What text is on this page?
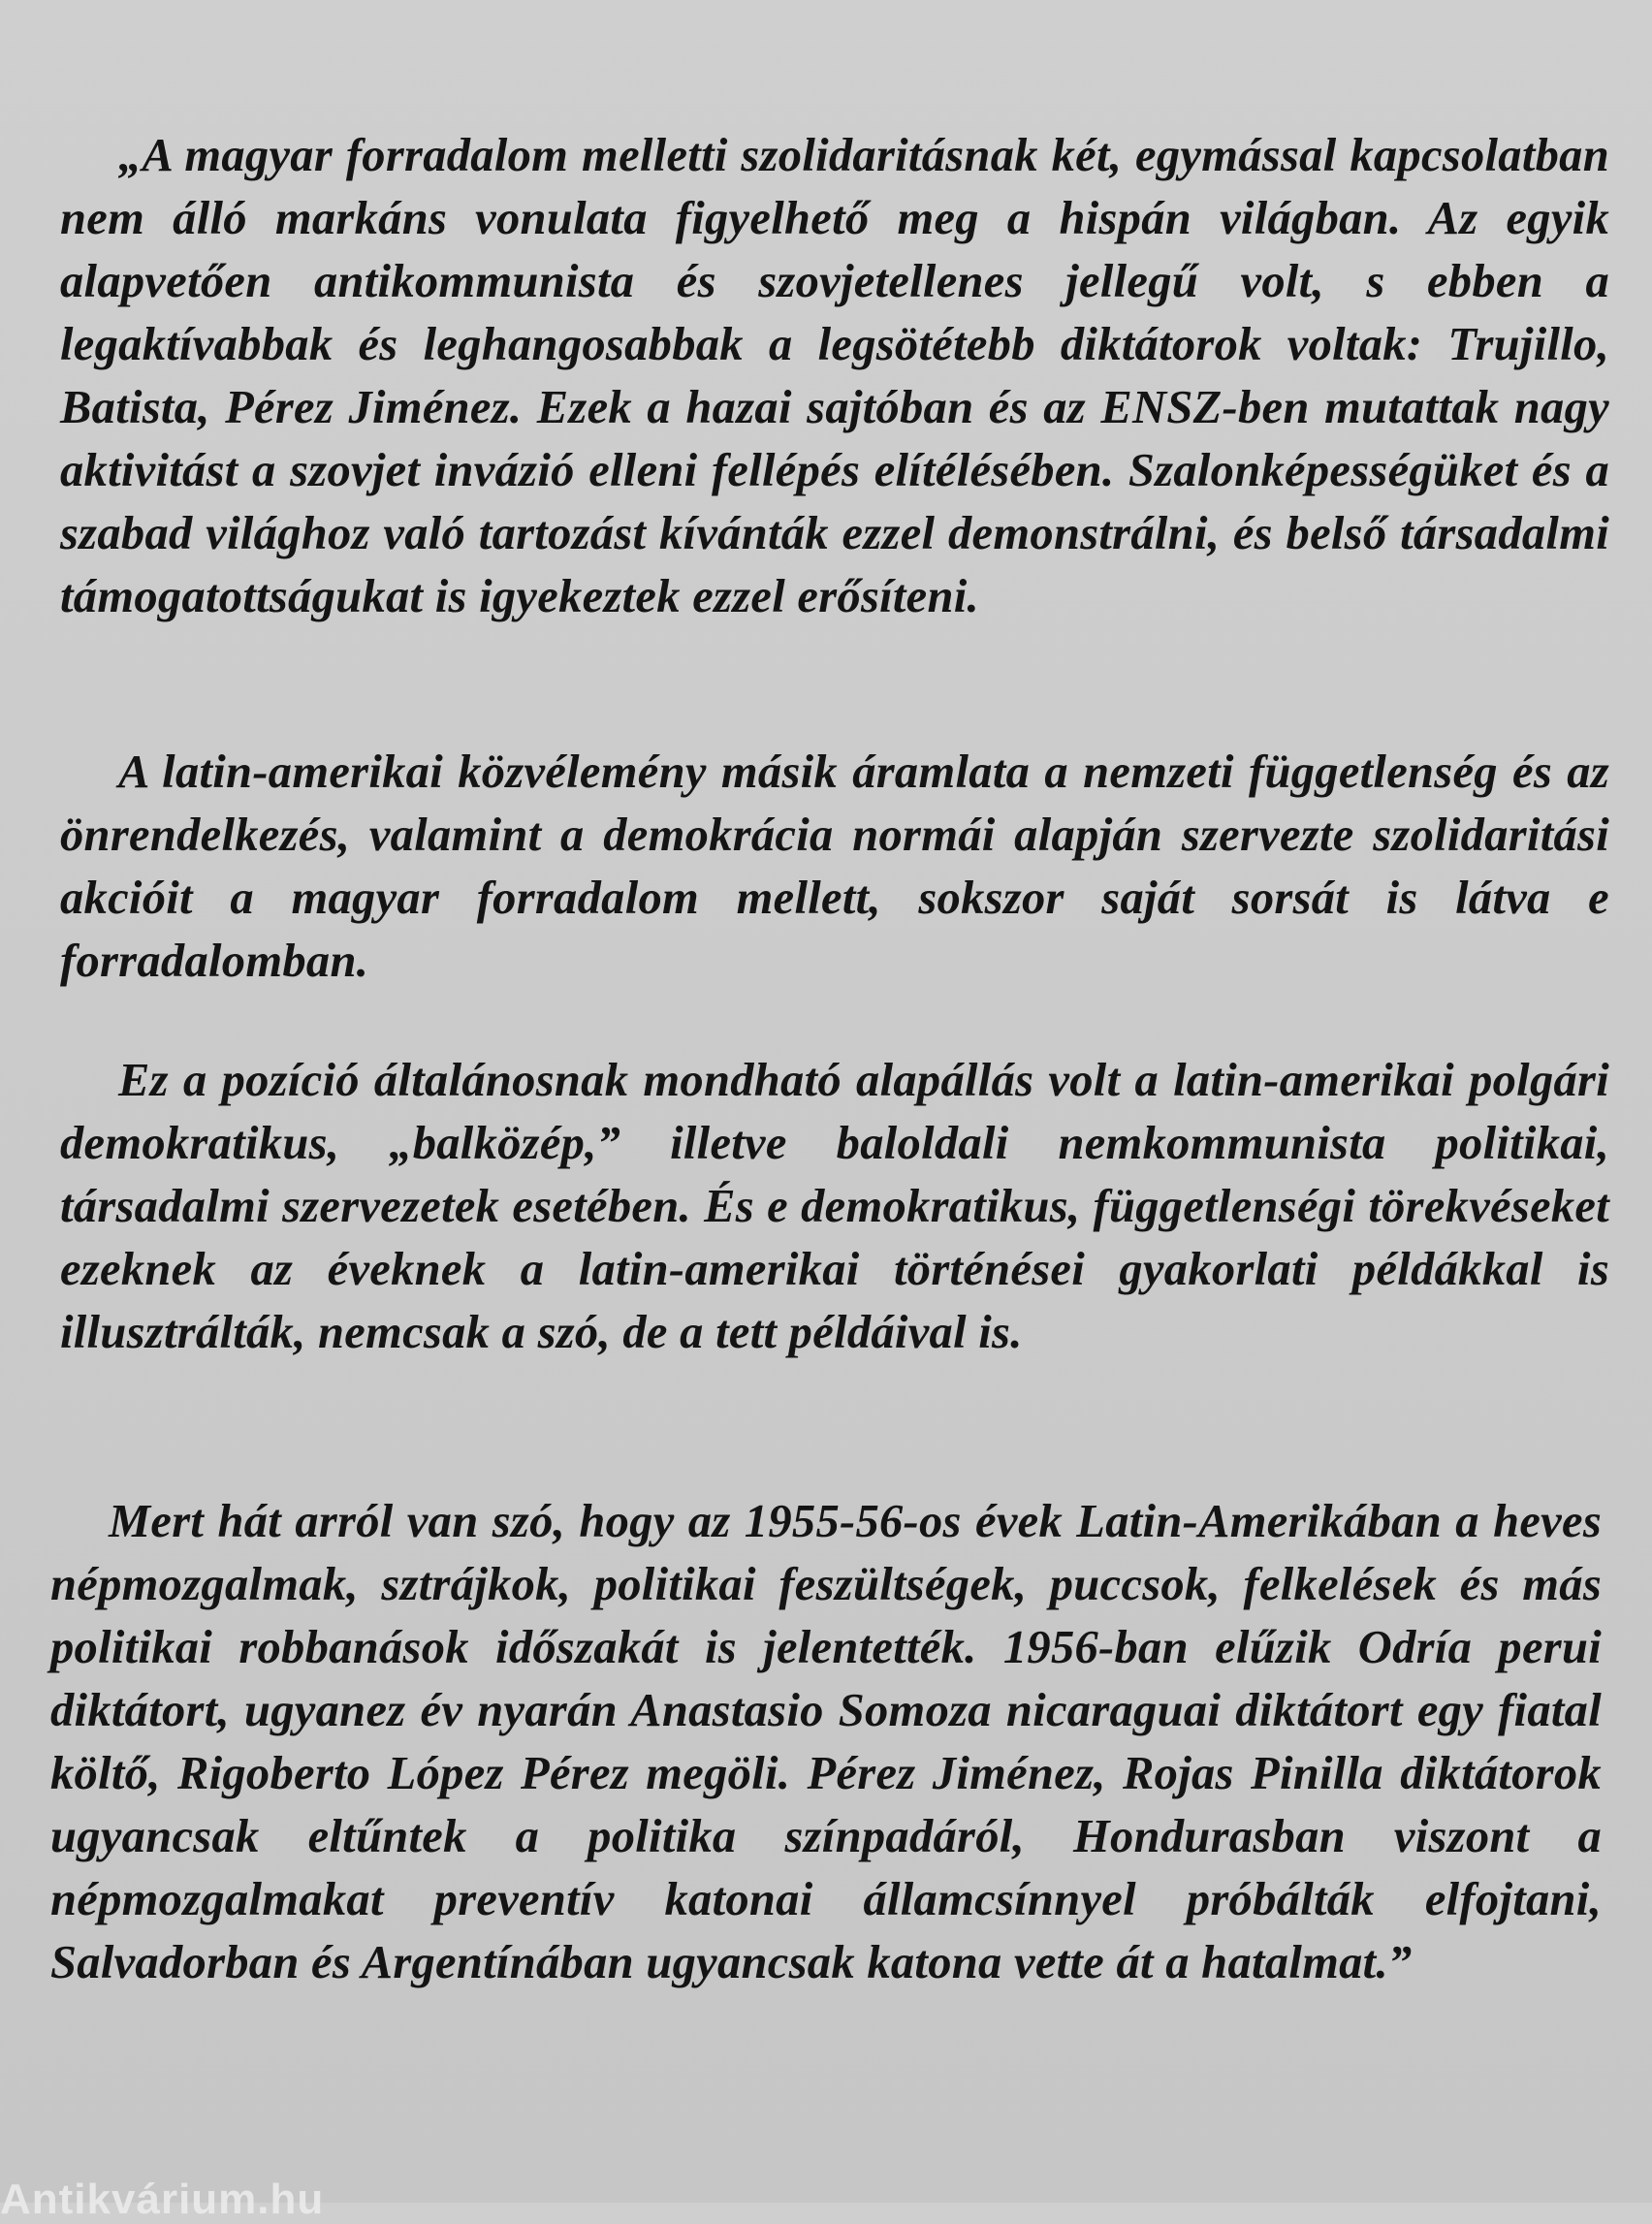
„A magyar forradalom melletti szolidaritásnak két, egymással kapcsolatban nem álló markáns vonulata figyelhető meg a hispán világban. Az egyik alapvetően antikommunista és szovjetellenes jellegű volt, s ebben a legaktívabbak és leghangosabbak a legsötétebb diktátorok voltak: Trujillo, Batista, Pérez Jiménez. Ezek a hazai sajtóban és az ENSZ-ben mutattak nagy aktivitást a szovjet invázió elleni fellépés elítélésében. Szalonképességüket és a szabad világhoz való tartozást kívánták ezzel demonstrálni, és belső társadalmi támogatottságukat is igyekeztek ezzel erősíteni.
A latin-amerikai közvélemény másik áramlata a nemzeti függetlenség és az önrendelkezés, valamint a demokrácia normái alapján szervezte szolidaritási akcióit a magyar forradalom mellett, sokszor saját sorsát is látva e forradalomban.
Ez a pozíció általánosnak mondható alapállás volt a latin-amerikai polgári demokratikus, „balközép,” illetve baloldali nemkommunista politikai, társadalmi szervezetek esetében. És e demokratikus, függetlenségi törekvéseket ezeknek az éveknek a latin-amerikai történései gyakorlati példákkal is illusztrálták, nemcsak a szó, de a tett példáival is.
Mert hát arról van szó, hogy az 1955-56-os évek Latin-Amerikában a heves népmozgalmak, sztrájkok, politikai feszültségek, puccsok, felkelések és más politikai robbanások időszakát is jelentették. 1956-ban elűzik Odría perui diktátort, ugyanez év nyarán Anastasio Somoza nicaraguai diktátort egy fiatal költő, Rigoberto López Pérez megöli. Pérez Jiménez, Rojas Pinilla diktátorok ugyancsak eltűntek a politika színpadáról, Hondurasban viszont a népmozgalmakat preventív katonai államcsínnyel próbálták elfojtani, Salvadorban és Argentínában ugyancsak katona vette át a hatalmat.”
Antikvárium.hu
